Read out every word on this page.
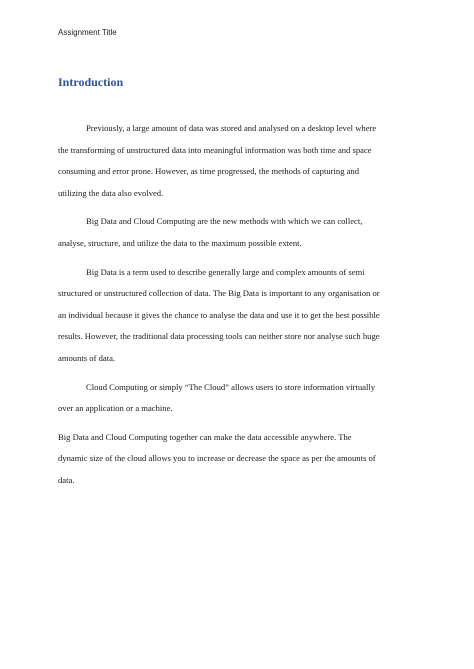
Assignment Title
Introduction

Previously, a large amount of data was stored and analysed on a desktop level where
the transforming of unstructured data into meaningful information was both time and space
consuming and error prone. However, as time progressed, the methods of capturing and
utilizing the data also evolved.

Big Data and Cloud Computing are the new methods with which we can collect,
analyse, structure, and utilize the data to the maximum possible extent.

Big Data is a term used to describe generally large and complex amounts of semi
structured or unstructured collection of data. The Big Data is important to any organisation or
an individual because it gives the chance to analyse the data and use it to get the best possible
results. However, the traditional data processing tools can neither store nor analyse such huge
amounts of data.

Cloud Computing or simply “The Cloud” allows users to store information virtually
over an application or a machine.

Big Data and Cloud Computing together can make the data accessible anywhere. The
dynamic size of the cloud allows you to increase or decrease the space as per the amounts of
data.
